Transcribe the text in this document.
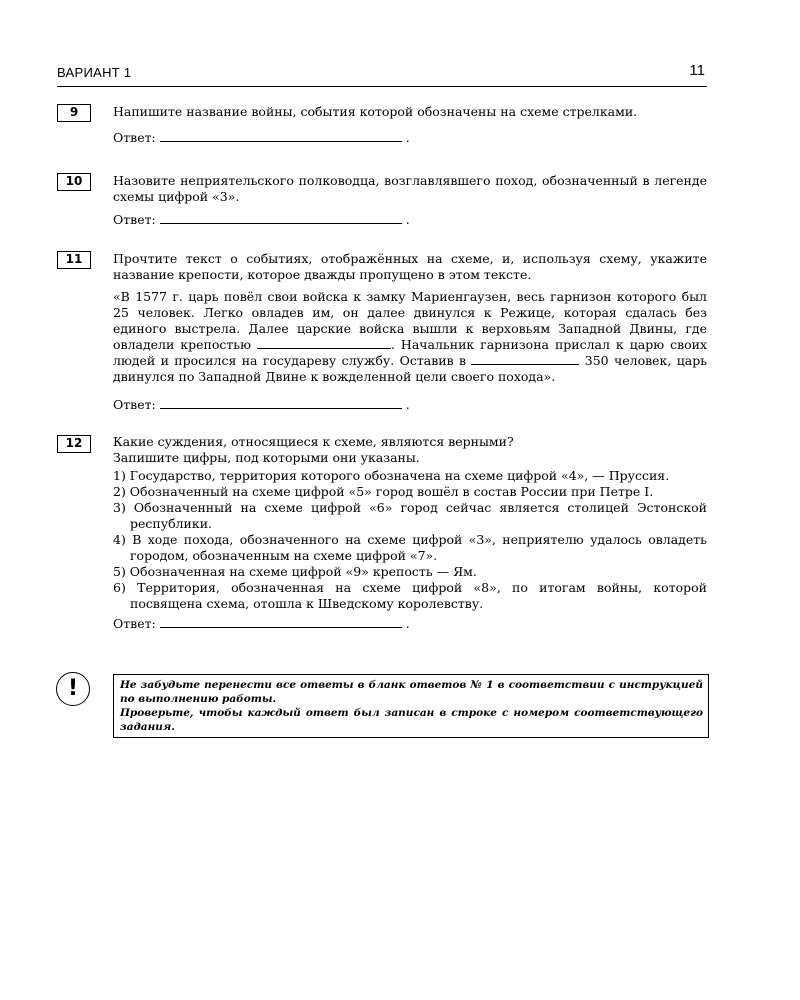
ВАРИАНТ 1	11
9	Напишите название войны, события которой обозначены на схеме стрелками.

Ответ:	.
10	Назовите неприятельского полководца, возглавлявшего поход, обозначенный в легенде схемы цифрой «3».

Ответ:	.
11	Прочтите текст о событиях, отображённых на схеме, и, используя схему, укажите название крепости, которое дважды пропущено в этом тексте.

«В 1577 г. царь повёл свои войска к замку Мариенгаузен, весь гарнизон которого был 25 человек. Легко овладев им, он далее двинулся к Режице, которая сдалась без единого выстрела. Далее царские войска вышли к верховьям Западной Двины, где овладели крепостью	. Начальник гарнизона прислал к царю своих людей и просился на государеву службу. Оставив в	350 человек, царь двинулся по Западной Двине к вожделенной цели своего похода».

Ответ:	.
12	Какие суждения, относящиеся к схеме, являются верными?

Запишите цифры, под которыми они указаны.

1) Государство, территория которого обозначена на схеме цифрой «4», — Пруссия.
2) Обозначенный на схеме цифрой «5» город вошёл в состав России при Петре I.
3) Обозначенный на схеме цифрой «6» город сейчас является столицей Эстонской республики.
4) В ходе похода, обозначенного на схеме цифрой «3», неприятелю удалось овладеть городом, обозначенным на схеме цифрой «7».
5) Обозначенная на схеме цифрой «9» крепость — Ям.
6) Территория, обозначенная на схеме цифрой «8», по итогам войны, которой посвящена схема, отошла к Шведскому королевству.
Ответ:	.
!	Не забудьте перенести все ответы в бланк ответов № 1 в соответствии с инструкцией по выполнению работы.

Проверьте, чтобы каждый ответ был записан в строке с номером соответствующего задания.
